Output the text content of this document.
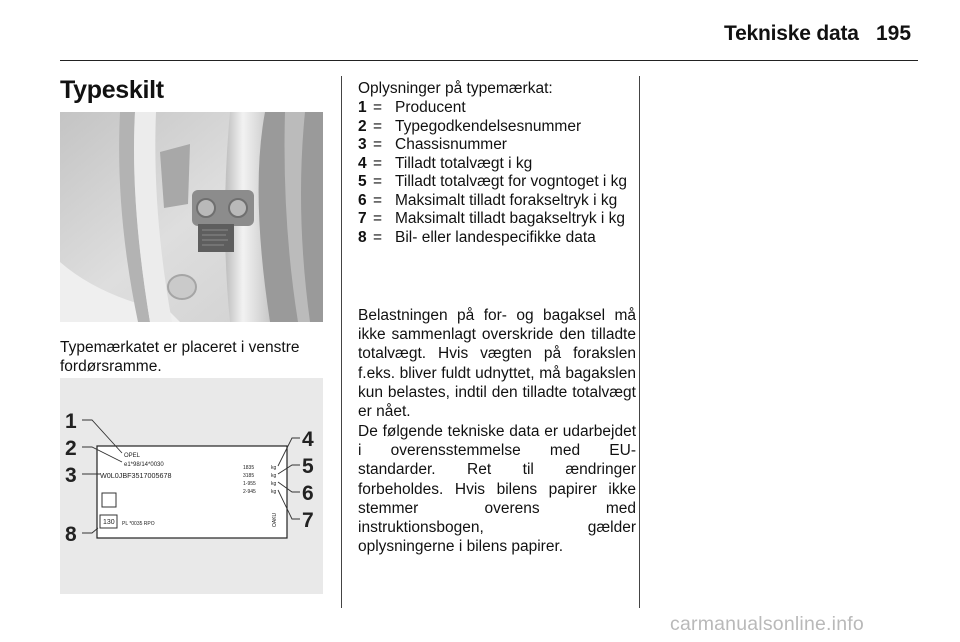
Tekniske data 195
Typeskilt
Typemærkatet er placeret i venstre fordørsramme.
OPEL
e1*98/14*0030
W0L0JBF3517005678
1835
3185
1-955
2-945
kg
kg
kg
kg
130 PL *0035 RPO	OAKU
1
2
3
8
4
5
6
7
Oplysninger på typemærkat:
1 = Producent
2 = Typegodkendelsesnummer
3 = Chassisnummer
4 = Tilladt totalvægt i kg
5 = Tilladt totalvægt for vogntoget i kg
6 = Maksimalt tilladt forakseltryk i kg
7 = Maksimalt tilladt bagakseltryk i kg
8 = Bil- eller landespecifikke data

Belastningen på for- og bagaksel må ikke sammenlagt overskride den tilladte totalvægt. Hvis vægten på forakslen f.eks. bliver fuldt udnyttet, må bagakslen kun belastes, indtil den tilladte totalvægt er nået.

De følgende tekniske data er udarbejdet i overensstemmelse med EU-standarder. Ret til ændringer forbeholdes. Hvis bilens papirer ikke stemmer overens med instruktionsbogen, gælder oplysningerne i bilens papirer.

carmanualsonline.info
